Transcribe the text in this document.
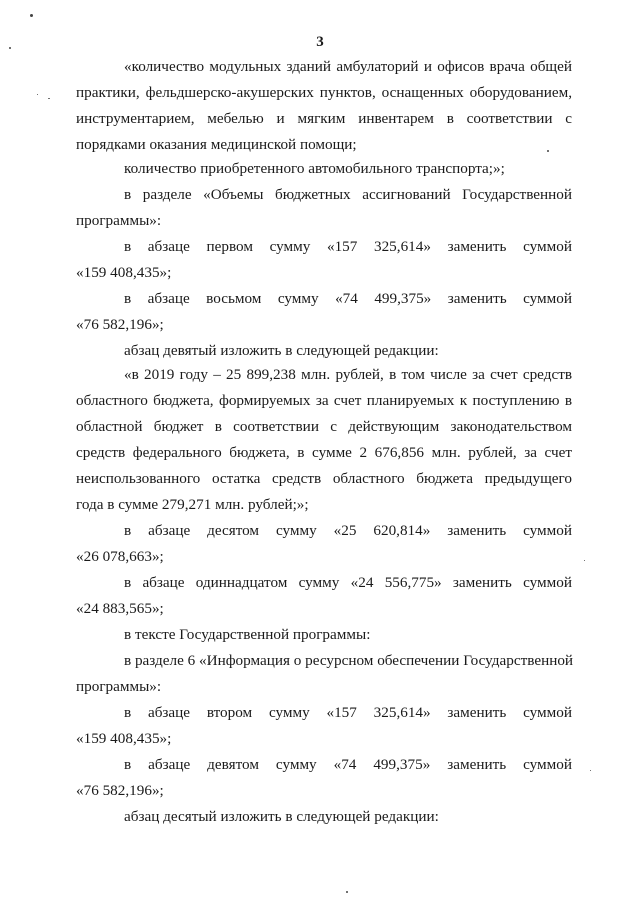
3
«количество модульных зданий амбулаторий и офисов врача общей
практики, фельдшерско-акушерских пунктов, оснащенных оборудованием,
инструментарием, мебелью и мягким инвентарем в соответствии с
порядками оказания медицинской помощи;
количество приобретенного автомобильного транспорта;»;
в разделе «Объемы бюджетных ассигнований Государственной
программы»:
в абзаце первом сумму «157 325,614» заменить суммой
«159 408,435»;
в абзаце восьмом сумму «74 499,375» заменить суммой
«76 582,196»;
абзац девятый изложить в следующей редакции:
«в 2019 году – 25 899,238 млн. рублей, в том числе за счет средств
областного бюджета, формируемых за счет планируемых к поступлению в
областной бюджет в соответствии с действующим законодательством
средств федерального бюджета, в сумме 2 676,856 млн. рублей, за счет
неиспользованного остатка средств областного бюджета предыдущего
года в сумме 279,271 млн. рублей;»;
в абзаце десятом сумму «25 620,814» заменить суммой
«26 078,663»;
в абзаце одиннадцатом сумму «24 556,775» заменить суммой
«24 883,565»;
в тексте Государственной программы:
в разделе 6 «Информация о ресурсном обеспечении Государственной
программы»:
в абзаце втором сумму «157 325,614» заменить суммой
«159 408,435»;
в абзаце девятом сумму «74 499,375» заменить суммой
«76 582,196»;
абзац десятый изложить в следующей редакции:
